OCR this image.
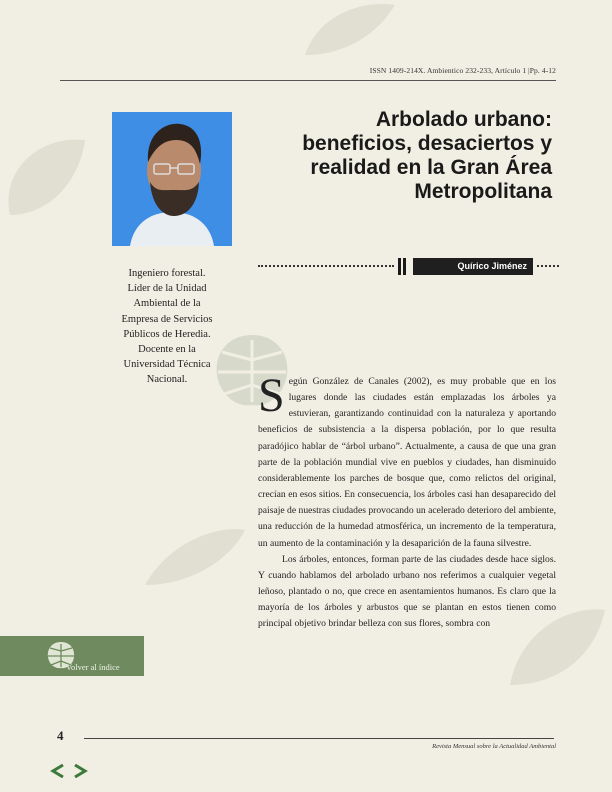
ISSN 1409-214X. Ambientico 232-233, Artículo 1 |Pp. 4-12
Arbolado urbano:
beneficios, desaciertos y
realidad en la Gran Área
Metropolitana
Quírico Jiménez
Ingeniero forestal.
Líder de la Unidad
Ambiental de la
Empresa de Servicios
Públicos de Heredia.
Docente en la
Universidad Técnica
Nacional.	Según González de Canales (2002), es muy probable que en los lugares donde las ciudades están emplazadas los árboles ya estuvieran, garantizando continuidad con la naturaleza y aportando beneficios de subsistencia a la dispersa población, por lo que resulta paradójico hablar de “árbol urbano”. Actualmente, a causa de que una gran parte de la población mundial vive en pueblos y ciudades, han disminuido considerablemente los parches de bosque que, como relictos del original, crecían en esos sitios. En consecuencia, los árboles casi han desaparecido del paisaje de nuestras ciudades provocando un acelerado deterioro del ambiente, una reducción de la humedad atmosférica, un incremento de la temperatura, un aumento de la contaminación y la desaparición de la fauna silvestre.

Los árboles, entonces, forman parte de las ciudades desde hace siglos. Y cuando hablamos del arbolado urbano nos referimos a cualquier vegetal leñoso, plantado o no, que crece en asentamientos humanos. Es claro que la mayoría de los árboles y arbustos que se plantan en estos tienen como principal objetivo brindar belleza con sus flores, sombra con

Volver al índice
4
Revista Mensual sobre la Actualidad Ambiental
